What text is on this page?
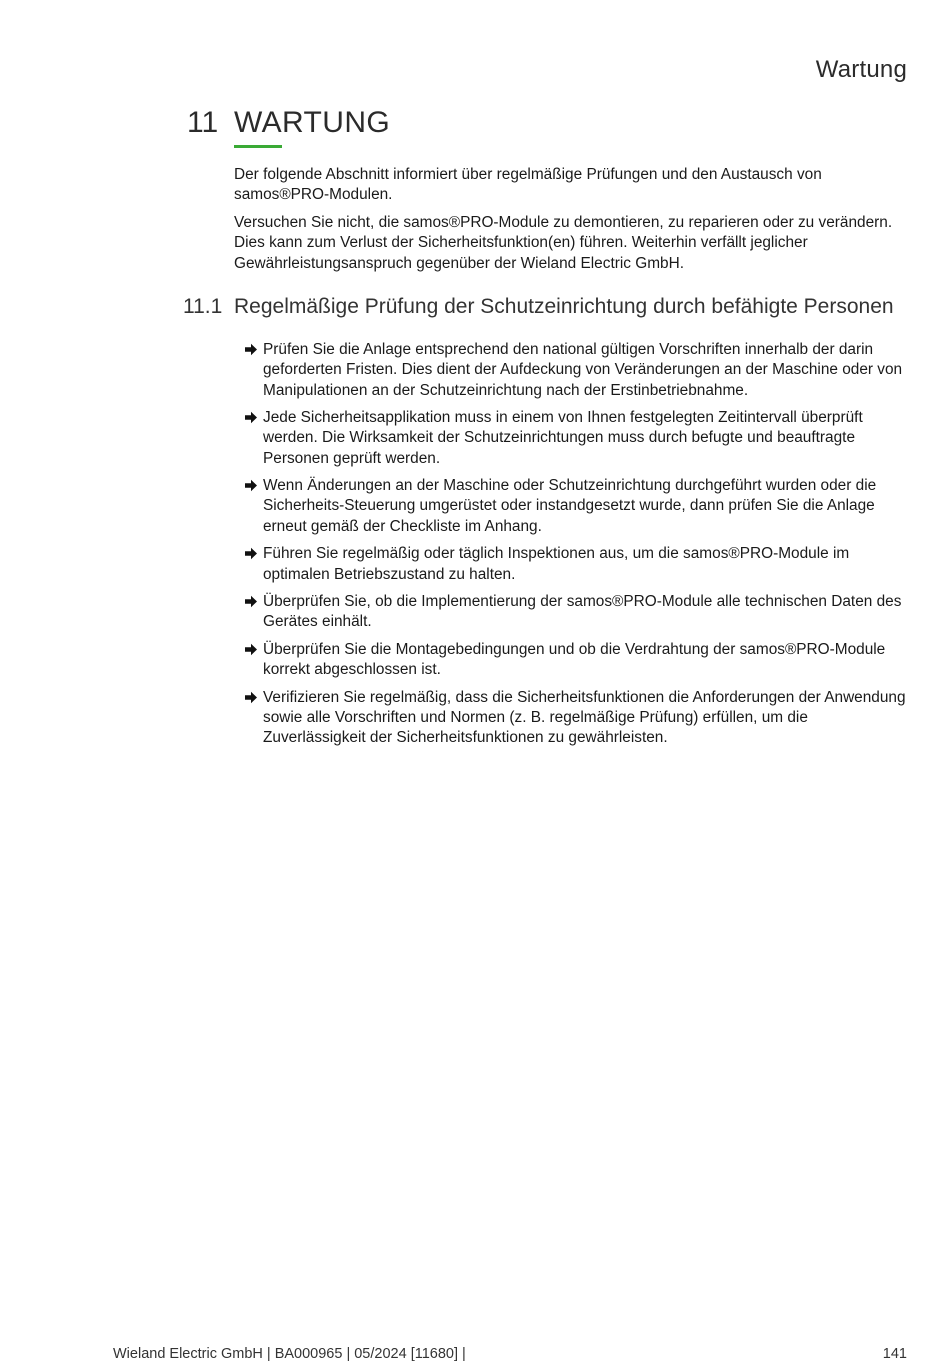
Wartung
11 WARTUNG

Der folgende Abschnitt informiert über regelmäßige Prüfungen und den Austausch von samos®PRO-Modulen.

Versuchen Sie nicht, die samos®PRO-Module zu demontieren, zu reparieren oder zu verändern. Dies kann zum Verlust der Sicherheitsfunktion(en) führen. Weiterhin verfällt jeglicher Gewährleistungsanspruch gegenüber der Wieland Electric GmbH.

11.1 Regelmäßige Prüfung der Schutzeinrichtung durch befähigte Personen
Prüfen Sie die Anlage entsprechend den national gültigen Vorschriften innerhalb der darin geforderten Fristen. Dies dient der Aufdeckung von Veränderungen an der Maschine oder von Manipulationen an der Schutzeinrichtung nach der Erstinbetriebnahme.
Jede Sicherheitsapplikation muss in einem von Ihnen festgelegten Zeitintervall überprüft werden. Die Wirksamkeit der Schutzeinrichtungen muss durch befugte und beauftragte Personen geprüft werden.
Wenn Änderungen an der Maschine oder Schutzeinrichtung durchgeführt wurden oder die Sicherheits-Steuerung umgerüstet oder instandgesetzt wurde, dann prüfen Sie die Anlage erneut gemäß der Checkliste im Anhang.
Führen Sie regelmäßig oder täglich Inspektionen aus, um die samos®PRO-Module im optimalen Betriebszustand zu halten.
Überprüfen Sie, ob die Implementierung der samos®PRO-Module alle technischen Daten des Gerätes einhält.
Überprüfen Sie die Montagebedingungen und ob die Verdrahtung der samos®PRO-Module korrekt abgeschlossen ist.
Verifizieren Sie regelmäßig, dass die Sicherheitsfunktionen die Anforderungen der Anwendung sowie alle Vorschriften und Normen (z. B. regelmäßige Prüfung) erfüllen, um die Zuverlässigkeit der Sicherheitsfunktionen zu gewährleisten.
Wieland Electric GmbH | BA000965 | 05/2024 [11680] |	141
